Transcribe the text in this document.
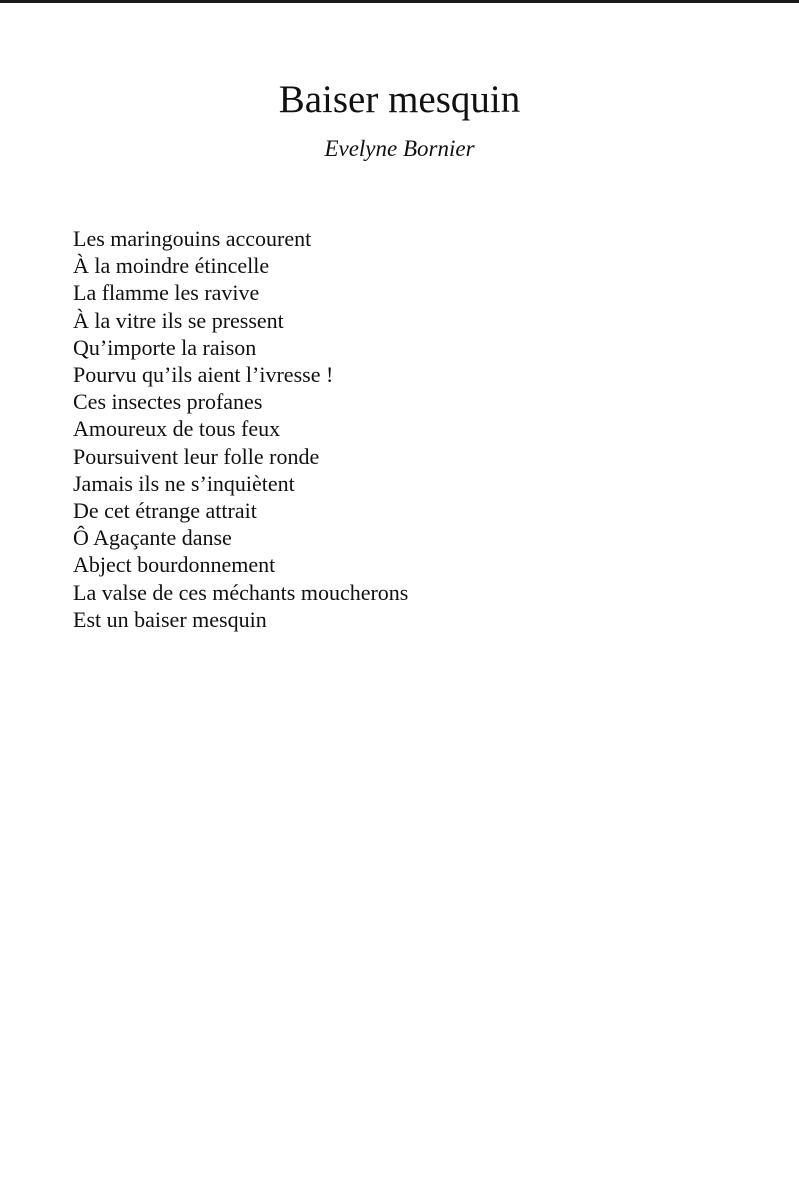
Baiser mesquin

Evelyne Bornier

Les maringouins accourent
À la moindre étincelle
La flamme les ravive
À la vitre ils se pressent
Qu’importe la raison
Pourvu qu’ils aient l’ivresse !
Ces insectes profanes
Amoureux de tous feux
Poursuivent leur folle ronde
Jamais ils ne s’inquiètent
De cet étrange attrait
Ô Agaçante danse
Abject bourdonnement
La valse de ces méchants moucherons
Est un baiser mesquin
